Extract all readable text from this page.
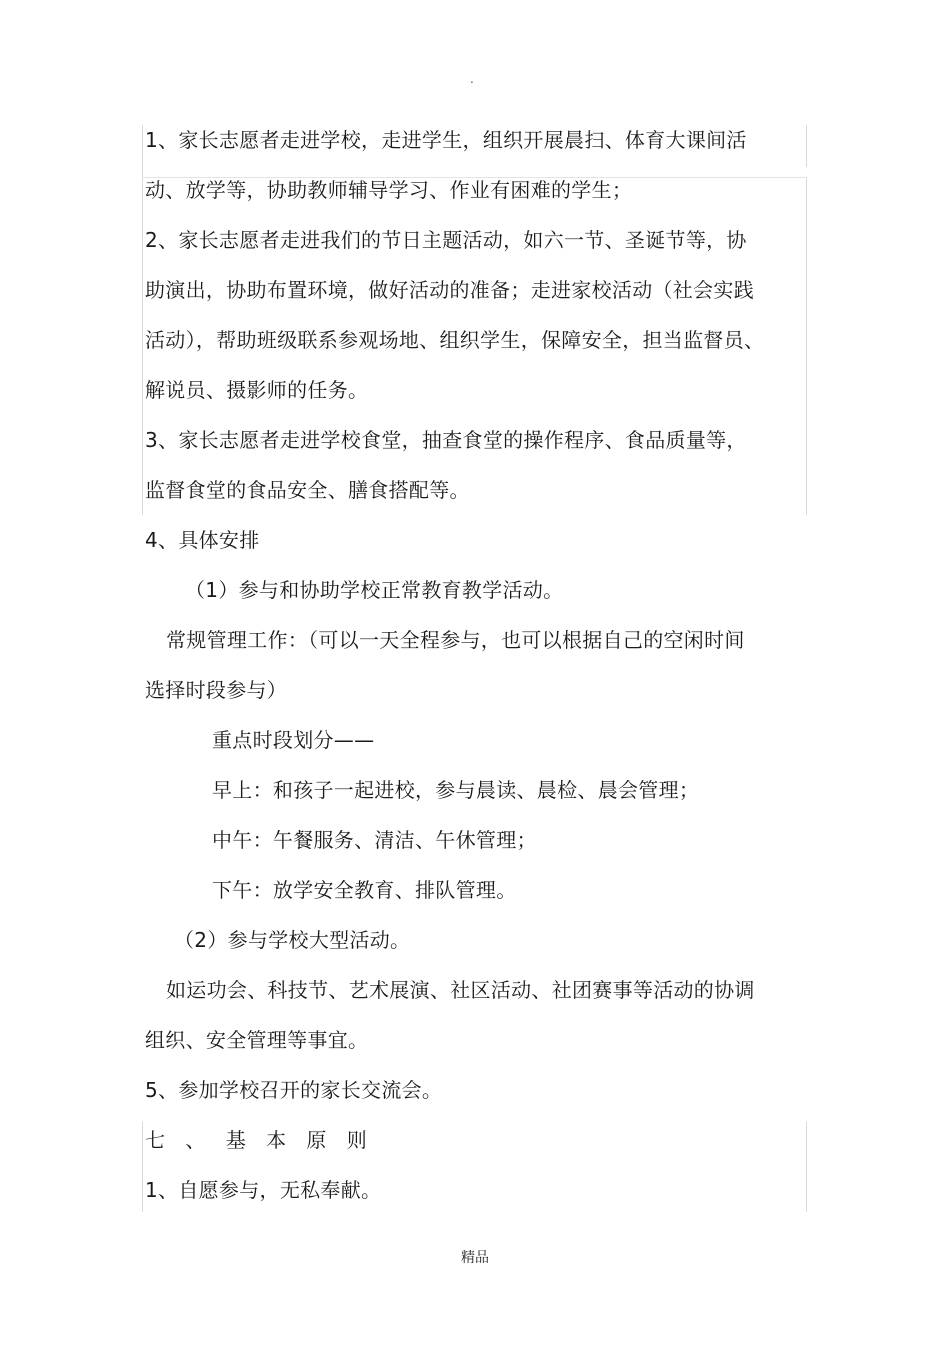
.
1、家长志愿者走进学校，走进学生，组织开展晨扫、体育大课间活
动、放学等，协助教师辅导学习、作业有困难的学生；
2、家长志愿者走进我们的节日主题活动，如六一节、圣诞节等，协
助演出，协助布置环境，做好活动的准备；走进家校活动（社会实践
活动），帮助班级联系参观场地、组织学生，保障安全，担当监督员、
解说员、摄影师的任务。
3、家长志愿者走进学校食堂，抽查食堂的操作程序、食品质量等，
监督食堂的食品安全、膳食搭配等。
4、具体安排
（1）参与和协助学校正常教育教学活动。
常规管理工作：（可以一天全程参与，也可以根据自己的空闲时间
选择时段参与）
重点时段划分——
早上：和孩子一起进校，参与晨读、晨检、晨会管理；
中午：午餐服务、清洁、午休管理；
下午：放学安全教育、排队管理。
（2）参与学校大型活动。
如运功会、科技节、艺术展演、社区活动、社团赛事等活动的协调
组织、安全管理等事宜。
5、参加学校召开的家长交流会。
七 、 基 本 原 则
1、自愿参与，无私奉献。
精品
